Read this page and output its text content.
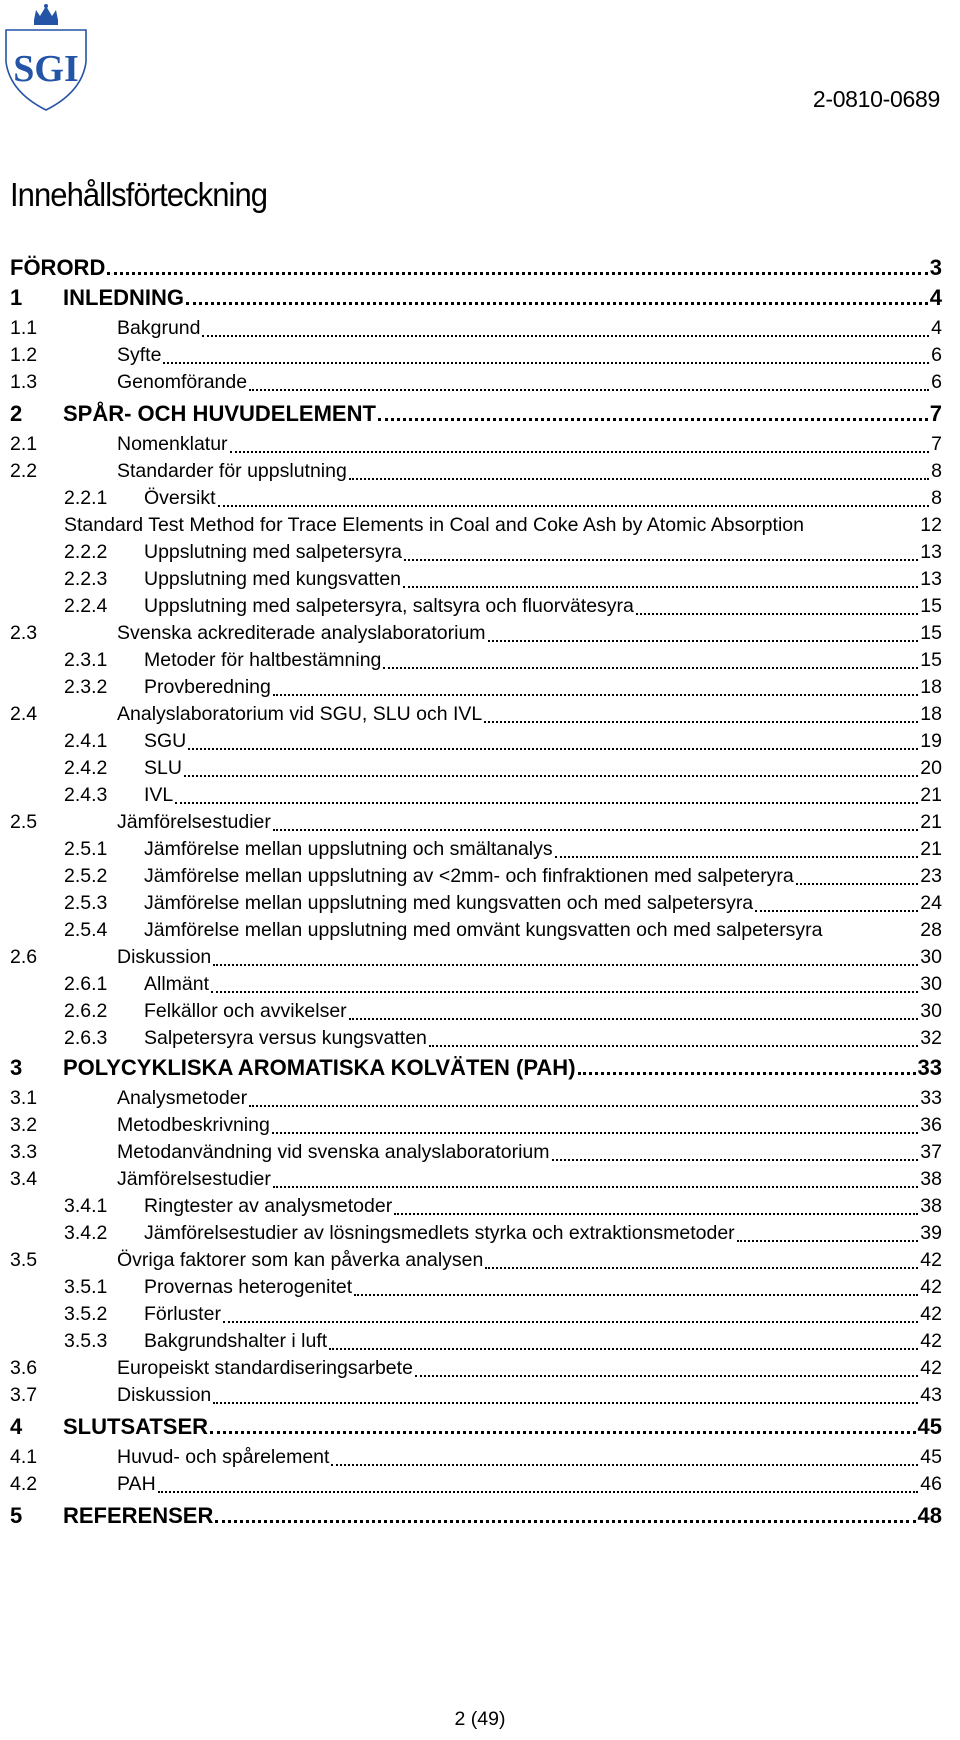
SGI
2-0810-0689
Innehållsförteckning
FÖRORD	3
1	INLEDNING	4
1.1	Bakgrund	4
1.2	Syfte	6
1.3	Genomförande	6
2	SPÅR- OCH HUVUDELEMENT	7
2.1	Nomenklatur	7
2.2	Standarder för uppslutning	8
2.2.1	Översikt	8
Standard Test Method for Trace Elements in Coal and Coke Ash by Atomic Absorption	12
2.2.2	Uppslutning med salpetersyra	13
2.2.3	Uppslutning med kungsvatten	13
2.2.4	Uppslutning med salpetersyra, saltsyra och fluorvätesyra	15
2.3	Svenska ackrediterade analyslaboratorium	15
2.3.1	Metoder för haltbestämning	15
2.3.2	Provberedning	18
2.4	Analyslaboratorium vid SGU, SLU och IVL	18
2.4.1	SGU	19
2.4.2	SLU	20
2.4.3	IVL	21
2.5	Jämförelsestudier	21
2.5.1	Jämförelse mellan uppslutning och smältanalys	21
2.5.2	Jämförelse mellan uppslutning av <2mm- och finfraktionen med salpeteryra	23
2.5.3	Jämförelse mellan uppslutning med kungsvatten och med salpetersyra	24
2.5.4	Jämförelse mellan uppslutning med omvänt kungsvatten och med salpetersyra	28
2.6	Diskussion	30
2.6.1	Allmänt	30
2.6.2	Felkällor och avvikelser	30
2.6.3	Salpetersyra versus kungsvatten	32
3	POLYCYKLISKA AROMATISKA KOLVÄTEN (PAH)	33
3.1	Analysmetoder	33
3.2	Metodbeskrivning	36
3.3	Metodanvändning vid svenska analyslaboratorium	37
3.4	Jämförelsestudier	38
3.4.1	Ringtester av analysmetoder	38
3.4.2	Jämförelsestudier av lösningsmedlets styrka och extraktionsmetoder	39
3.5	Övriga faktorer som kan påverka analysen	42
3.5.1	Provernas heterogenitet	42
3.5.2	Förluster	42
3.5.3	Bakgrundshalter i luft	42
3.6	Europeiskt standardiseringsarbete	42
3.7	Diskussion	43
4	SLUTSATSER	45
4.1	Huvud- och spårelement	45
4.2	PAH	46
5	REFERENSER	48
2 (49)
